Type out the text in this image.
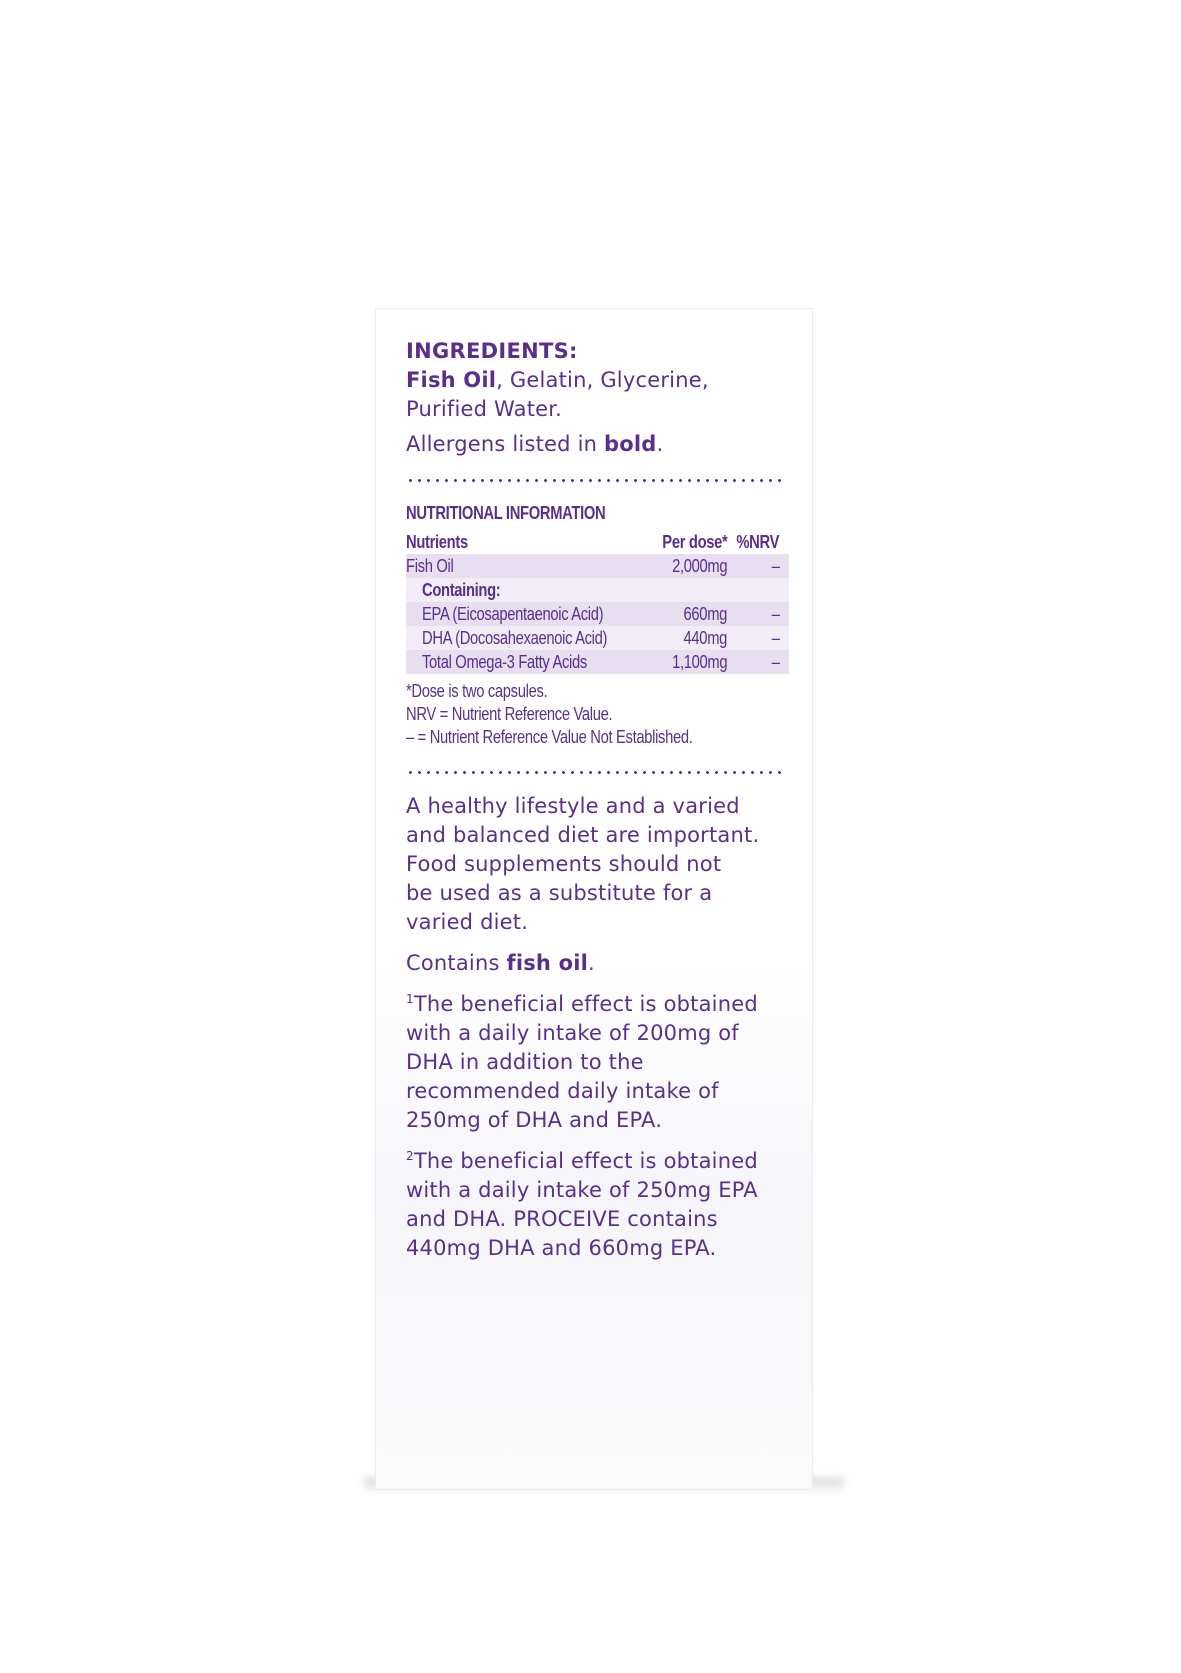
INGREDIENTS:

Fish Oil, Gelatin, Glycerine,
Purified Water.

Allergens listed in bold.

NUTRITIONAL INFORMATION
Nutrients	Per dose*	%NRV
Fish Oil	2,000mg	–
Containing:		
EPA (Eicosapentaenoic Acid)	660mg	–
DHA (Docosahexaenoic Acid)	440mg	–
Total Omega-3 Fatty Acids	1,100mg	–
*Dose is two capsules.
NRV = Nutrient Reference Value.
– = Nutrient Reference Value Not Established.

A healthy lifestyle and a varied
and balanced diet are important.
Food supplements should not
be used as a substitute for a
varied diet.

Contains fish oil.

$^1$The beneficial effect is obtained
with a daily intake of 200mg of
DHA in addition to the
recommended daily intake of
250mg of DHA and EPA.

$^2$The beneficial effect is obtained
with a daily intake of 250mg EPA
and DHA. PROCEIVE contains
440mg DHA and 660mg EPA.
